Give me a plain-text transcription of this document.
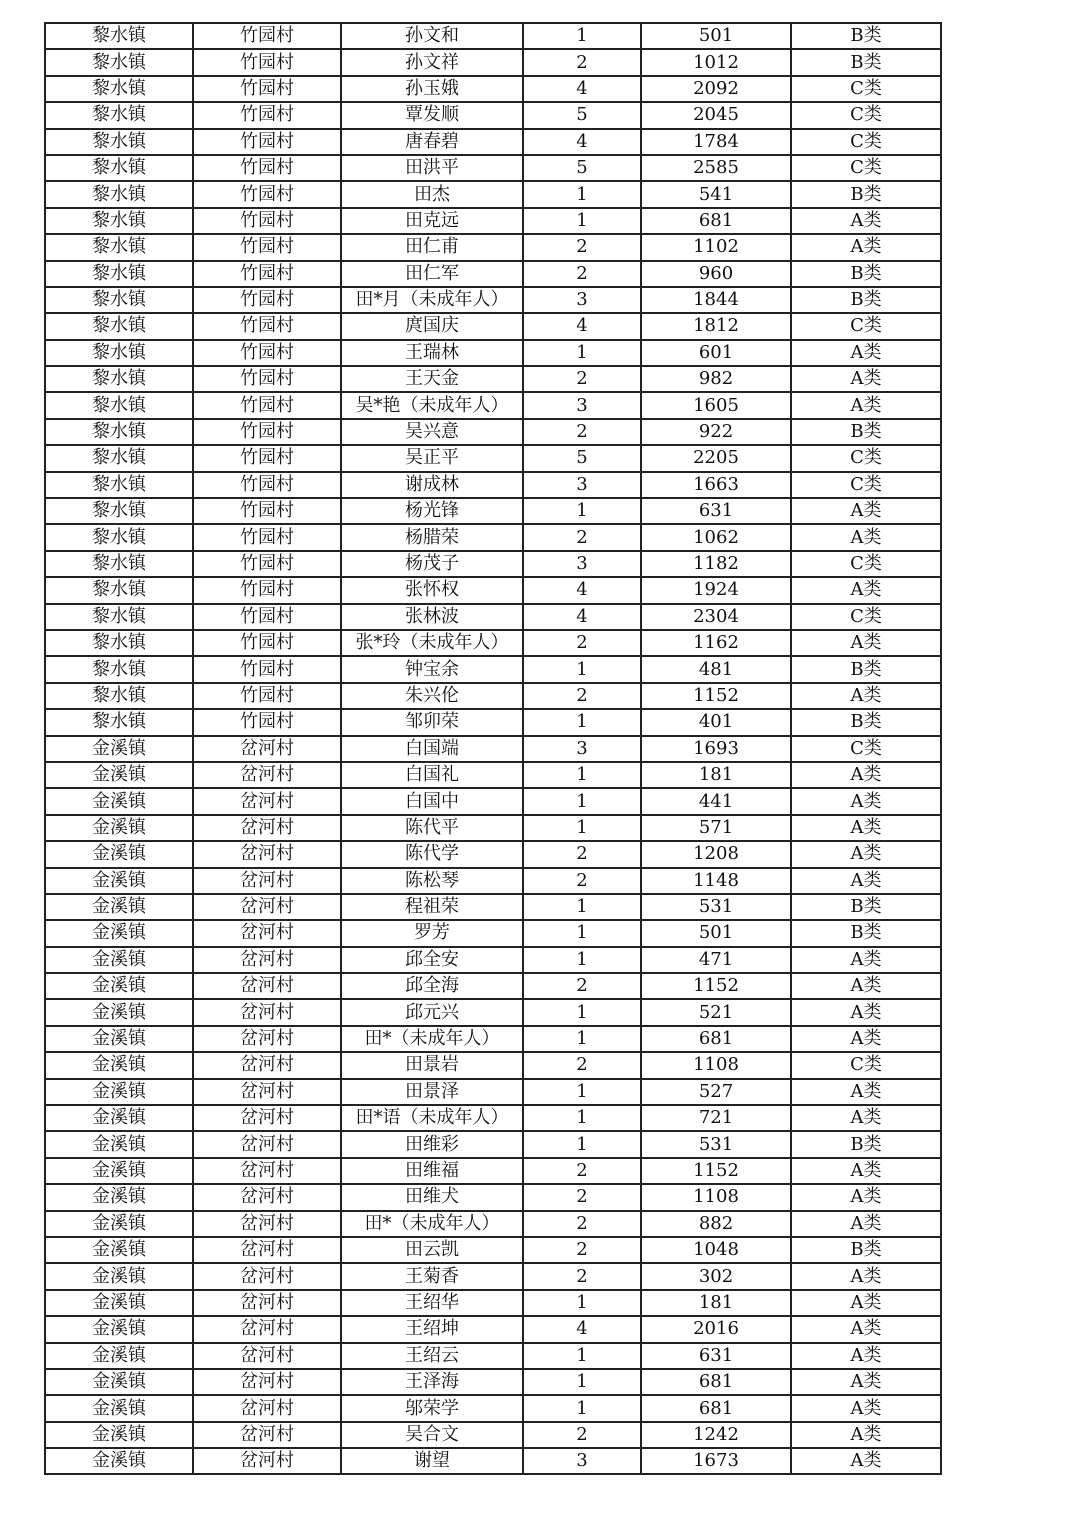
黎水镇	竹园村	孙文和	1	501	B类
黎水镇	竹园村	孙文祥	2	1012	B类
黎水镇	竹园村	孙玉娥	4	2092	C类
黎水镇	竹园村	覃发顺	5	2045	C类
黎水镇	竹园村	唐春碧	4	1784	C类
黎水镇	竹园村	田洪平	5	2585	C类
黎水镇	竹园村	田杰	1	541	B类
黎水镇	竹园村	田克远	1	681	A类
黎水镇	竹园村	田仁甫	2	1102	A类
黎水镇	竹园村	田仁军	2	960	B类
黎水镇	竹园村	田*月（未成年人）	3	1844	B类
黎水镇	竹园村	庹国庆	4	1812	C类
黎水镇	竹园村	王瑞林	1	601	A类
黎水镇	竹园村	王天金	2	982	A类
黎水镇	竹园村	吴*艳（未成年人）	3	1605	A类
黎水镇	竹园村	吴兴意	2	922	B类
黎水镇	竹园村	吴正平	5	2205	C类
黎水镇	竹园村	谢成林	3	1663	C类
黎水镇	竹园村	杨光锋	1	631	A类
黎水镇	竹园村	杨腊荣	2	1062	A类
黎水镇	竹园村	杨茂子	3	1182	C类
黎水镇	竹园村	张怀权	4	1924	A类
黎水镇	竹园村	张林波	4	2304	C类
黎水镇	竹园村	张*玲（未成年人）	2	1162	A类
黎水镇	竹园村	钟宝余	1	481	B类
黎水镇	竹园村	朱兴伦	2	1152	A类
黎水镇	竹园村	邹卯荣	1	401	B类
金溪镇	岔河村	白国端	3	1693	C类
金溪镇	岔河村	白国礼	1	181	A类
金溪镇	岔河村	白国中	1	441	A类
金溪镇	岔河村	陈代平	1	571	A类
金溪镇	岔河村	陈代学	2	1208	A类
金溪镇	岔河村	陈松琴	2	1148	A类
金溪镇	岔河村	程祖荣	1	531	B类
金溪镇	岔河村	罗芳	1	501	B类
金溪镇	岔河村	邱全安	1	471	A类
金溪镇	岔河村	邱全海	2	1152	A类
金溪镇	岔河村	邱元兴	1	521	A类
金溪镇	岔河村	田*（未成年人）	1	681	A类
金溪镇	岔河村	田景岩	2	1108	C类
金溪镇	岔河村	田景泽	1	527	A类
金溪镇	岔河村	田*语（未成年人）	1	721	A类
金溪镇	岔河村	田维彩	1	531	B类
金溪镇	岔河村	田维福	2	1152	A类
金溪镇	岔河村	田维犬	2	1108	A类
金溪镇	岔河村	田*（未成年人）	2	882	A类
金溪镇	岔河村	田云凯	2	1048	B类
金溪镇	岔河村	王菊香	2	302	A类
金溪镇	岔河村	王绍华	1	181	A类
金溪镇	岔河村	王绍坤	4	2016	A类
金溪镇	岔河村	王绍云	1	631	A类
金溪镇	岔河村	王泽海	1	681	A类
金溪镇	岔河村	邬荣学	1	681	A类
金溪镇	岔河村	吴合文	2	1242	A类
金溪镇	岔河村	谢望	3	1673	A类
